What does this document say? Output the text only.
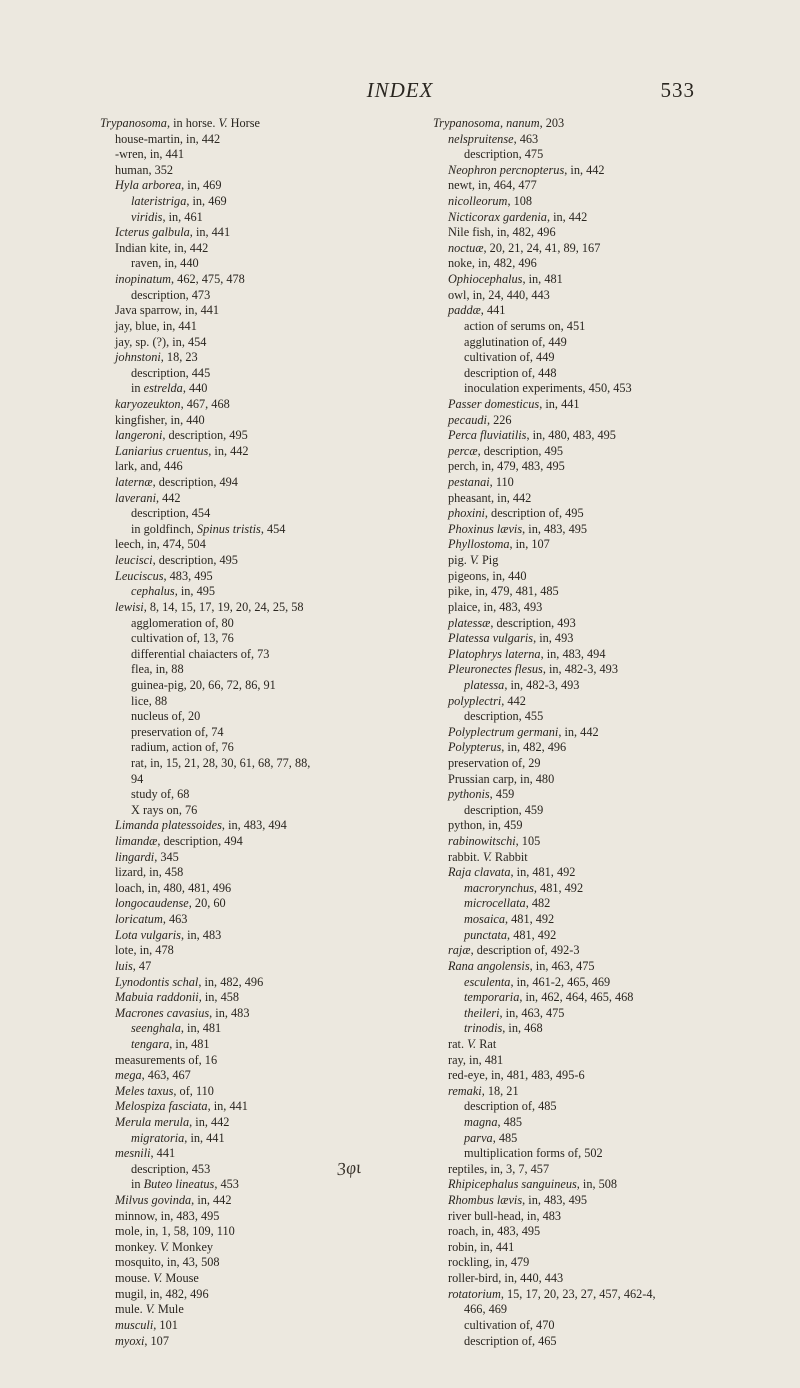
INDEX	533
Trypanosoma, in horse. V. Horse
house-martin, in, 442
-wren, in, 441
human, 352
Hyla arborea, in, 469
lateristriga, in, 469
viridis, in, 461
Icterus galbula, in, 441
Indian kite, in, 442
raven, in, 440
inopinatum, 462, 475, 478
description, 473
Java sparrow, in, 441
jay, blue, in, 441
jay, sp. (?), in, 454
johnstoni, 18, 23
description, 445
in estrelda, 440
karyozeukton, 467, 468
kingfisher, in, 440
langeroni, description, 495
Laniarius cruentus, in, 442
lark, and, 446
laternæ, description, 494
laverani, 442
description, 454
in goldfinch, Spinus tristis, 454
leech, in, 474, 504
leucisci, description, 495
Leuciscus, 483, 495
cephalus, in, 495
lewisi, 8, 14, 15, 17, 19, 20, 24, 25, 58
agglomeration of, 80
cultivation of, 13, 76
differential chaiacters of, 73
flea, in, 88
guinea-pig, 20, 66, 72, 86, 91
lice, 88
nucleus of, 20
preservation of, 74
radium, action of, 76
rat, in, 15, 21, 28, 30, 61, 68, 77, 88,
94
study of, 68
X rays on, 76
Limanda platessoides, in, 483, 494
limandæ, description, 494
lingardi, 345
lizard, in, 458
loach, in, 480, 481, 496
longocaudense, 20, 60
loricatum, 463
Lota vulgaris, in, 483
lote, in, 478
luis, 47
Lynodontis schal, in, 482, 496
Mabuia raddonii, in, 458
Macrones cavasius, in, 483
seenghala, in, 481
tengara, in, 481
measurements of, 16
mega, 463, 467
Meles taxus, of, 110
Melospiza fasciata, in, 441
Merula merula, in, 442
migratoria, in, 441
mesnili, 441
description, 453
in Buteo lineatus, 453
Milvus govinda, in, 442
minnow, in, 483, 495
mole, in, 1, 58, 109, 110
monkey. V. Monkey
mosquito, in, 43, 508
mouse. V. Mouse
mugil, in, 482, 496
mule. V. Mule
musculi, 101
myoxi, 107
Trypanosoma, nanum, 203
nelspruitense, 463
description, 475
Neophron percnopterus, in, 442
newt, in, 464, 477
nicolleorum, 108
Nicticorax gardenia, in, 442
Nile fish, in, 482, 496
noctuæ, 20, 21, 24, 41, 89, 167
noke, in, 482, 496
Ophiocephalus, in, 481
owl, in, 24, 440, 443
paddæ, 441
action of serums on, 451
agglutination of, 449
cultivation of, 449
description of, 448
inoculation experiments, 450, 453
Passer domesticus, in, 441
pecaudi, 226
Perca fluviatilis, in, 480, 483, 495
percæ, description, 495
perch, in, 479, 483, 495
pestanai, 110
pheasant, in, 442
phoxini, description of, 495
Phoxinus lævis, in, 483, 495
Phyllostoma, in, 107
pig. V. Pig
pigeons, in, 440
pike, in, 479, 481, 485
plaice, in, 483, 493
platessæ, description, 493
Platessa vulgaris, in, 493
Platophrys laterna, in, 483, 494
Pleuronectes flesus, in, 482-3, 493
platessa, in, 482-3, 493
polyplectri, 442
description, 455
Polyplectrum germani, in, 442
Polypterus, in, 482, 496
preservation of, 29
Prussian carp, in, 480
pythonis, 459
description, 459
python, in, 459
rabinowitschi, 105
rabbit. V. Rabbit
Raja clavata, in, 481, 492
macrorynchus, 481, 492
microcellata, 482
mosaica, 481, 492
punctata, 481, 492
rajæ, description of, 492-3
Rana angolensis, in, 463, 475
esculenta, in, 461-2, 465, 469
temporaria, in, 462, 464, 465, 468
theileri, in, 463, 475
trinodis, in, 468
rat. V. Rat
ray, in, 481
red-eye, in, 481, 483, 495-6
remaki, 18, 21
description of, 485
magna, 485
parva, 485
multiplication forms of, 502
reptiles, in, 3, 7, 457
Rhipicephalus sanguineus, in, 508
Rhombus lævis, in, 483, 495
river bull-head, in, 483
roach, in, 483, 495
robin, in, 441
rockling, in, 479
roller-bird, in, 440, 443
rotatorium, 15, 17, 20, 23, 27, 457, 462-4,
466, 469
cultivation of, 470
description of, 465
3φι
